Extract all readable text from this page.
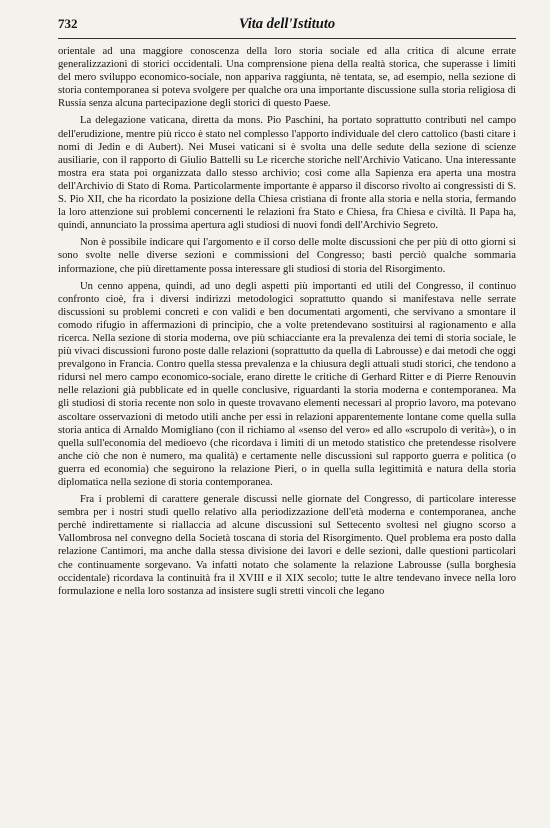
732	Vita dell'Istituto

orientale ad una maggiore conoscenza della loro storia sociale ed alla critica di alcune errate generalizzazioni di storici occidentali. Una comprensione piena della realtà storica, che superasse i limiti del mero sviluppo economico-sociale, non appariva raggiunta, nè tentata, se, ad esempio, nella sezione di storia contemporanea si poteva svolgere per qualche ora una importante discussione sulla storia religiosa di Russia senza alcuna partecipazione degli storici di questo Paese.

La delegazione vaticana, diretta da mons. Pio Paschini, ha portato soprattutto contributi nel campo dell'erudizione, mentre più ricco è stato nel complesso l'apporto individuale del clero cattolico (basti citare i nomi di Jedin e di Aubert). Nei Musei vaticani si è svolta una delle sedute della sezione di scienze ausiliarie, con il rapporto di Giulio Battelli su Le ricerche storiche nell'Archivio Vaticano. Una interessante mostra era stata poi organizzata dallo stesso archivio; così come alla Sapienza era aperta una mostra dell'Archivio di Stato di Roma. Particolarmente importante è apparso il discorso rivolto ai congressisti di S. S. Pio XII, che ha ricordato la posizione della Chiesa cristiana di fronte alla storia e nella storia, fermando la loro attenzione sui problemi concernenti le relazioni fra Stato e Chiesa, fra Chiesa e civiltà. Il Papa ha, quindi, annunciato la prossima apertura agli studiosi di nuovi fondi dell'Archivio Segreto.

Non è possibile indicare qui l'argomento e il corso delle molte discussioni che per più di otto giorni si sono svolte nelle diverse sezioni e commissioni del Congresso; basti perciò qualche sommaria informazione, che più direttamente possa interessare gli studiosi di storia del Risorgimento.

Un cenno appena, quindi, ad uno degli aspetti più importanti ed utili del Congresso, il continuo confronto cioè, fra i diversi indirizzi metodologici soprattutto quando si manifestava nelle serrate discussioni su problemi concreti e con validi e ben documentati argomenti, che servivano a smontare il comodo rifugio in affermazioni di principio, che a volte pretendevano sostituirsi al ragionamento e alla ricerca. Nella sezione di storia moderna, ove più schiacciante era la prevalenza dei temi di storia sociale, le più vivaci discussioni furono poste dalle relazioni (soprattutto da quella di Labrousse) e dai metodi che oggi prevalgono in Francia. Contro quella stessa prevalenza e la chiusura degli attuali studi storici, che tendono a ridursi nel mero campo economico-sociale, erano dirette le critiche di Gerhard Ritter e di Pierre Renouvin nelle relazioni già pubblicate ed in quelle conclusive, riguardanti la storia moderna e contemporanea. Ma gli studiosi di storia recente non solo in queste trovavano elementi necessari al proprio lavoro, ma potevano ascoltare osservazioni di metodo utili anche per essi in relazioni apparentemente lontane come quella sulla storia antica di Arnaldo Momigliano (con il richiamo al «senso del vero» ed allo «scrupolo di verità»), o in quella sull'economia del medioevo (che ricordava i limiti di un metodo statistico che pretendesse risolvere anche ciò che non è numero, ma qualità) e certamente nelle discussioni sul rapporto guerra e politica (o guerra ed economia) che seguirono la relazione Pieri, o in quella sulla legittimità e natura della storia diplomatica nella sezione di storia contemporanea.

Fra i problemi di carattere generale discussi nelle giornate del Congresso, di particolare interesse sembra per i nostri studi quello relativo alla periodizzazione dell'età moderna e contemporanea, anche perchè indirettamente si riallaccia ad alcune discussioni sul Settecento svoltesi nel giugno scorso a Vallombrosa nel convegno della Società toscana di storia del Risorgimento. Quel problema era posto dalla relazione Cantimori, ma anche dalla stessa divisione dei lavori e delle sezioni, dalle questioni particolari che continuamente sorgevano. Va infatti notato che solamente la relazione Labrousse (sulla borghesia occidentale) ricordava la continuità fra il XVIII e il XIX secolo; tutte le altre tendevano invece nella loro formulazione e nella loro sostanza ad insistere sugli stretti vincoli che legano
